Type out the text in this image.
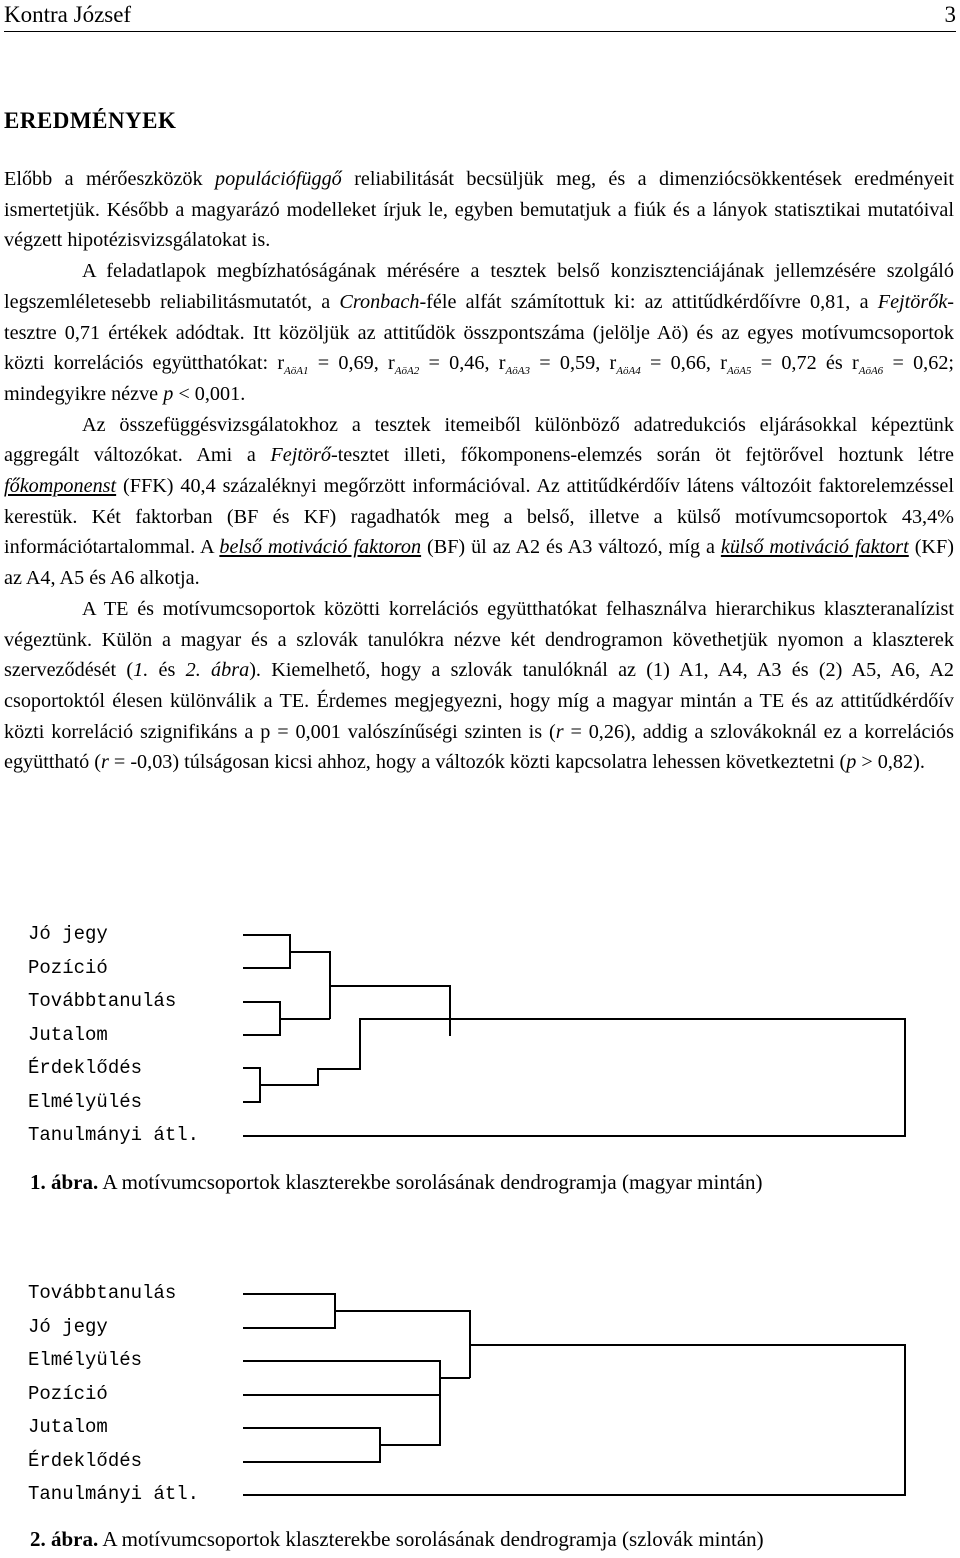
Kontra József	3
EREDMÉNYEK

Előbb a mérőeszközök populációfüggő reliabilitását becsüljük meg, és a dimenziócsökkentések eredményeit ismertetjük. Később a magyarázó modelleket írjuk le, egyben bemutatjuk a fiúk és a lányok statisztikai mutatóival végzett hipotézisvizsgálatokat is.

A feladatlapok megbízhatóságának mérésére a tesztek belső konzisztenciájának jellemzésére szolgáló legszemléletesebb reliabilitásmutatót, a Cronbach-féle alfát számítottuk ki: az attitűdkérdőívre 0,81, a Fejtörők-tesztre 0,71 értékek adódtak. Itt közöljük az attitűdök összpontszáma (jelölje Aö) és az egyes motívumcsoportok közti korrelációs együtthatókat: $r_{AöA1} = 0,69$, $r_{AöA2} = 0,46$, $r_{AöA3} = 0,59$, $r_{AöA4} = 0,66$, $r_{AöA5} = 0,72$ és $r_{AöA6} = 0,62$; mindegyikre nézve p < 0,001.

Az összefüggésvizsgálatokhoz a tesztek itemeiből különböző adatredukciós eljárásokkal képeztünk aggregált változókat. Ami a Fejtörő-tesztet illeti, főkomponens-elemzés során öt fejtörővel hoztunk létre főkomponenst (FFK) 40,4 százaléknyi megőrzött információval. Az attitűdkérdőív látens változóit faktorelemzéssel kerestük. Két faktorban (BF és KF) ragadhatók meg a belső, illetve a külső motívumcsoportok 43,4% információtartalommal. A belső motiváció faktoron (BF) ül az A2 és A3 változó, míg a külső motiváció faktort (KF) az A4, A5 és A6 alkotja.

A TE és motívumcsoportok közötti korrelációs együtthatókat felhasználva hierarchikus klaszteranalízist végeztünk. Külön a magyar és a szlovák tanulókra nézve két dendrogramon követhetjük nyomon a klaszterek szerveződését (1. és 2. ábra). Kiemelhető, hogy a szlovák tanulóknál az (1) A1, A4, A3 és (2) A5, A6, A2 csoportoktól élesen különválik a TE. Érdemes megjegyezni, hogy míg a magyar mintán a TE és az attitűdkérdőív közti korreláció szignifikáns a p = 0,001 valószínűségi szinten is (r = 0,26), addig a szlovákoknál ez a korrelációs együttható (r = -0,03) túlságosan kicsi ahhoz, hogy a változók közti kapcsolatra lehessen következtetni (p > 0,82).

Jó jegy
Pozíció
Továbbtanulás
Jutalom
Érdeklődés
Elmélyülés
Tanulmányi átl.
1. ábra. A motívumcsoportok klaszterekbe sorolásának dendrogramja (magyar mintán)
Továbbtanulás
Jó jegy
Elmélyülés
Pozíció
Jutalom
Érdeklődés
Tanulmányi átl.
2. ábra. A motívumcsoportok klaszterekbe sorolásának dendrogramja (szlovák mintán)
